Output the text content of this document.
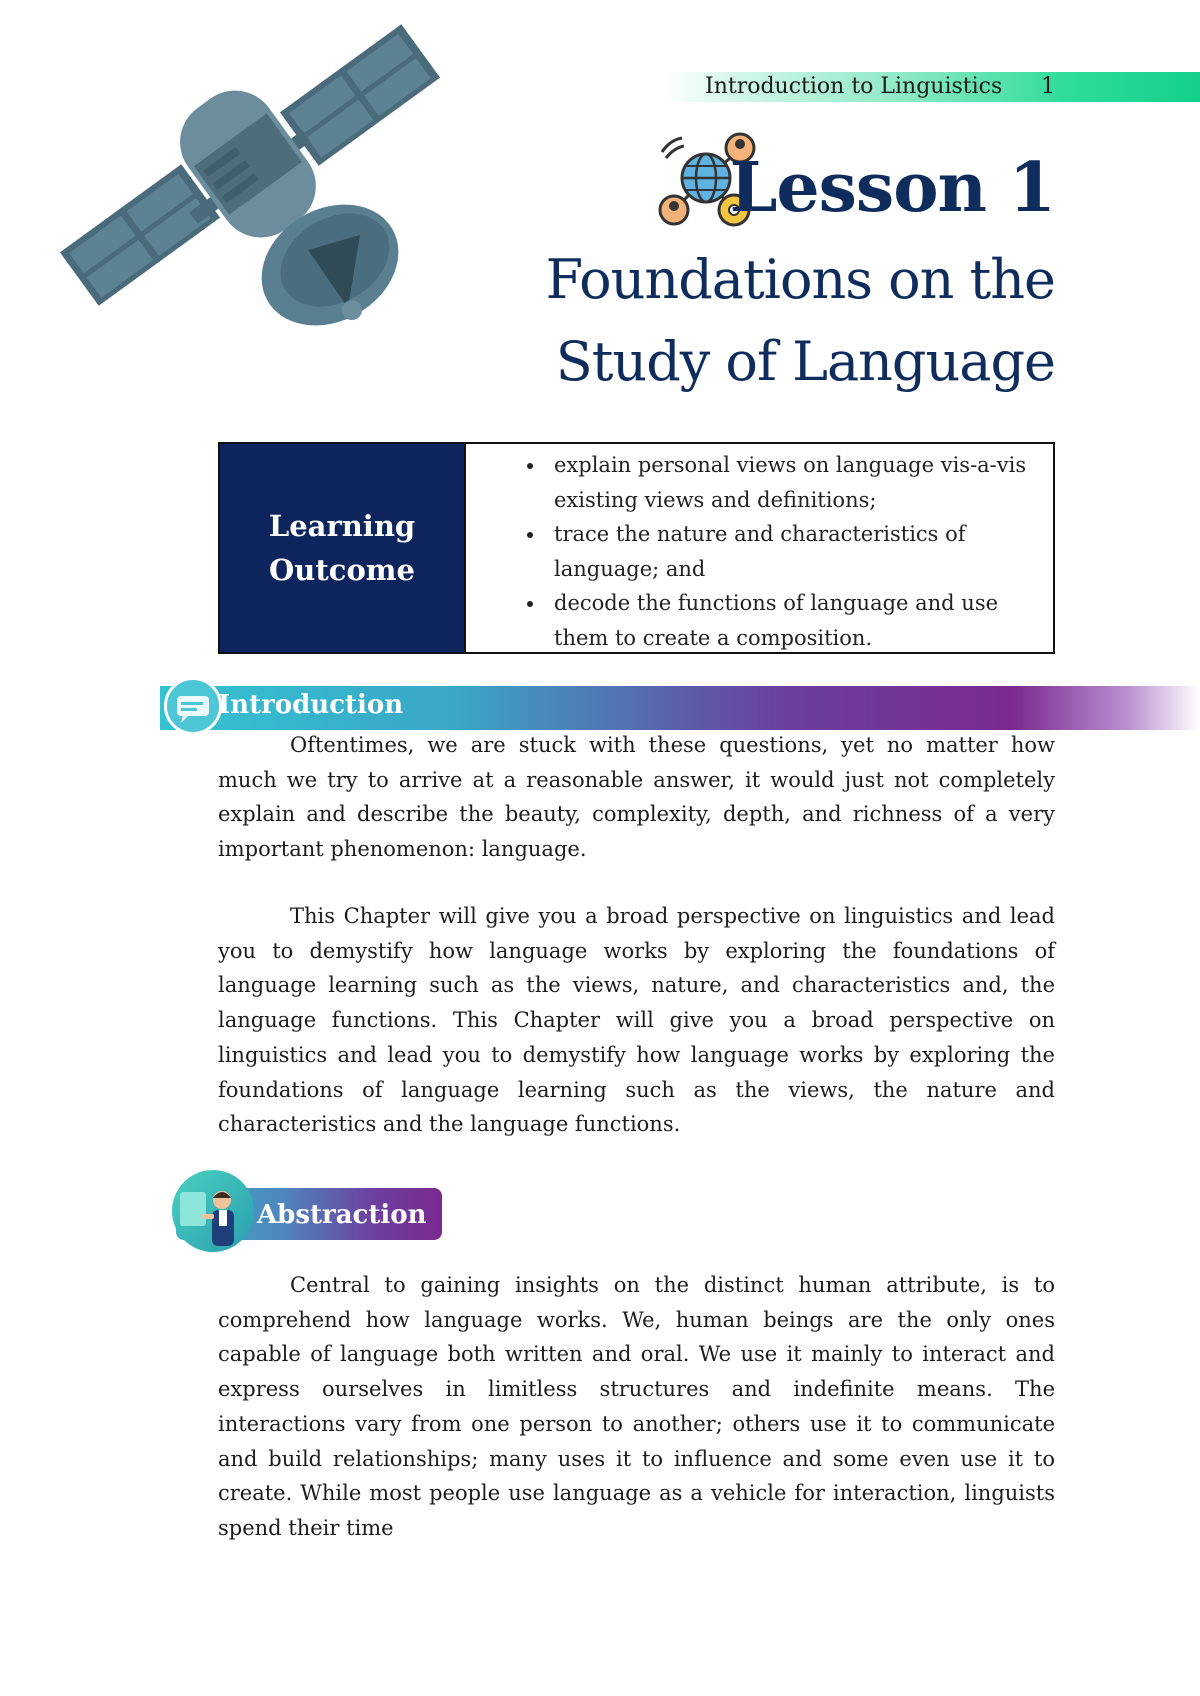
Introduction to Linguistics 1
Lesson 1
Foundations on the
Study of Language
Learning
Outcome
• explain personal views on language vis-a-vis existing views and definitions;
• trace the nature and characteristics of language; and
• decode the functions of language and use them to create a composition.
Introduction
Oftentimes, we are stuck with these questions, yet no matter how much we try to arrive at a reasonable answer, it would just not completely explain and describe the beauty, complexity, depth, and richness of a very important phenomenon: language.
This Chapter will give you a broad perspective on linguistics and lead you to demystify how language works by exploring the foundations of language learning such as the views, nature, and characteristics and, the language functions. This Chapter will give you a broad perspective on linguistics and lead you to demystify how language works by exploring the foundations of language learning such as the views, the nature and characteristics and the language functions.
Abstraction
Central to gaining insights on the distinct human attribute, is to comprehend how language works. We, human beings are the only ones capable of language both written and oral. We use it mainly to interact and express ourselves in limitless structures and indefinite means. The interactions vary from one person to another; others use it to communicate and build relationships; many uses it to influence and some even use it to create. While most people use language as a vehicle for interaction, linguists spend their time
